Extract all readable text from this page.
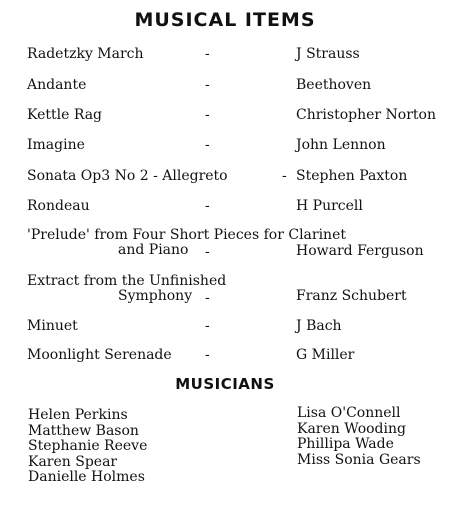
MUSICAL ITEMS
Radetzky March	-	J Strauss
Andante	-	Beethoven
Kettle Rag	-	Christopher Norton
Imagine	-	John Lennon
Sonata Op3 No 2 - Allegreto	- Stephen Paxton
Rondeau	-	H Purcell
'Prelude' from Four Short Pieces for Clarinet
and Piano	-	Howard Ferguson
Extract from the Unfinished
Symphony -	Franz Schubert
Minuet	-	J Bach
Moonlight Serenade -	G Miller
MUSICIANS
Helen Perkins
Matthew Bason
Stephanie Reeve
Karen Spear
Danielle Holmes
Lisa O'Connell
Karen Wooding
Phillipa Wade
Miss Sonia Gears
